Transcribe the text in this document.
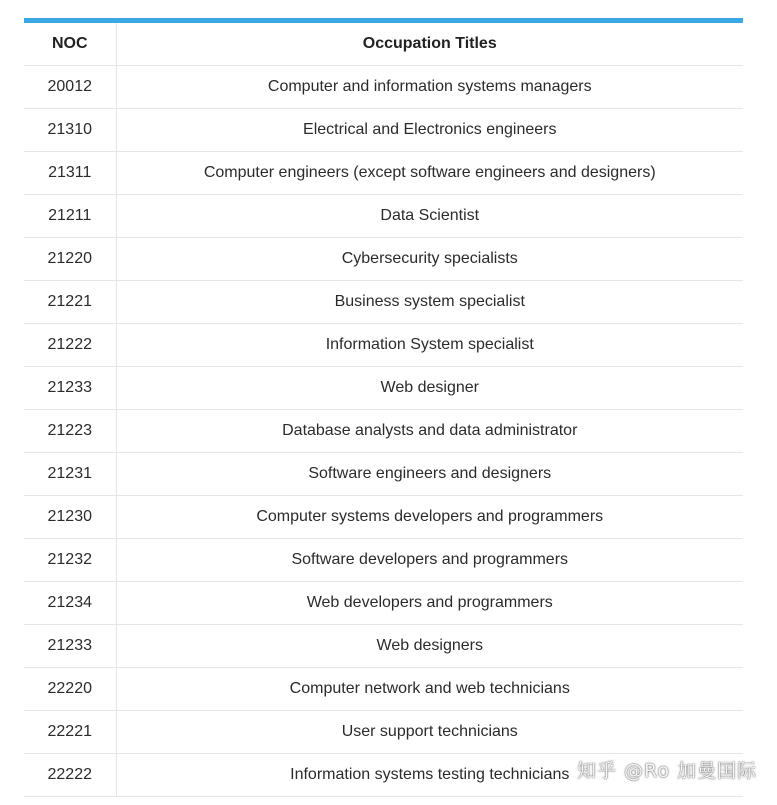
NOC	Occupation Titles
20012	Computer and information systems managers
21310	Electrical and Electronics engineers
21311	Computer engineers (except software engineers and designers)
21211	Data Scientist
21220	Cybersecurity specialists
21221	Business system specialist
21222	Information System specialist
21233	Web designer
21223	Database analysts and data administrator
21231	Software engineers and designers
21230	Computer systems developers and programmers
21232	Software developers and programmers
21234	Web developers and programmers
21233	Web designers
22220	Computer network and web technicians
22221	User support technicians
22222	Information systems testing technicians 知乎 @Ro 加曼国际
